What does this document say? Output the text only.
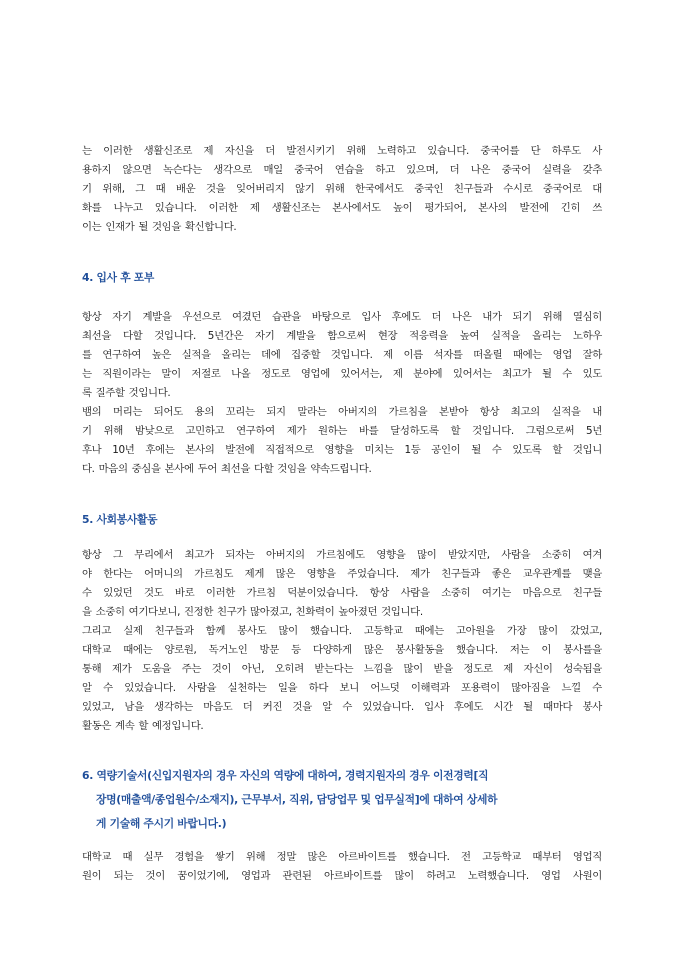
는 이러한 생활신조로 제 자신을 더 발전시키기 위해 노력하고 있습니다. 중국어를 단 하루도 사
용하지 않으면 녹슨다는 생각으로 매일 중국어 연습을 하고 있으며, 더 나은 중국어 실력을 갖추
기 위해, 그 때 배운 것을 잊어버리지 않기 위해 한국에서도 중국인 친구들과 수시로 중국어로 대
화를 나누고 있습니다. 이러한 제 생활신조는 본사에서도 높이 평가되어, 본사의 발전에 긴히 쓰
이는 인재가 될 것임을 확신합니다.
4. 입사 후 포부
항상 자기 계발을 우선으로 여겼던 습관을 바탕으로 입사 후에도 더 나은 내가 되기 위해 열심히
최선을 다할 것입니다. 5년간은 자기 계발을 함으로써 현장 적응력을 높여 실적을 올리는 노하우
를 연구하여 높은 실적을 올리는 데에 집중할 것입니다. 제 이름 석자를 떠올릴 때에는 영업 잘하
는 직원이라는 말이 저절로 나올 정도로 영업에 있어서는, 제 분야에 있어서는 최고가 될 수 있도
록 질주할 것입니다.
뱀의 머리는 되어도 용의 꼬리는 되지 말라는 아버지의 가르침을 본받아 항상 최고의 실적을 내
기 위해 밤낮으로 고민하고 연구하여 제가 원하는 바를 달성하도록 할 것입니다. 그럼으로써 5년
후나 10년 후에는 본사의 발전에 직접적으로 영향을 미치는 1등 공인이 될 수 있도록 할 것입니
다. 마음의 중심을 본사에 두어 최선을 다할 것임을 약속드립니다.
5. 사회봉사활동
항상 그 무리에서 최고가 되자는 아버지의 가르침에도 영향을 많이 받았지만, 사람을 소중히 여겨
야 한다는 어머니의 가르침도 제게 많은 영향을 주었습니다. 제가 친구들과 좋은 교우관계를 맺을
수 있었던 것도 바로 이러한 가르침 덕분이었습니다. 항상 사람을 소중히 여기는 마음으로 친구들
을 소중히 여기다보니, 진정한 친구가 많아졌고, 친화력이 높아졌던 것입니다.
그리고 실제 친구들과 함께 봉사도 많이 했습니다. 고등학교 때에는 고아원을 가장 많이 갔었고,
대학교 때에는 양로원, 독거노인 방문 등 다양하게 많은 봉사활동을 했습니다. 저는 이 봉사를을
통해 제가 도움을 주는 것이 아닌, 오히려 받는다는 느낌을 많이 받을 정도로 제 자신이 성숙됨을
알 수 있었습니다. 사람을 실천하는 일을 하다 보니 어느덧 이해력과 포용력이 많아짐을 느낄 수
있었고, 남을 생각하는 마음도 더 커진 것을 알 수 있었습니다. 입사 후에도 시간 될 때마다 봉사
활동은 계속 할 예정입니다.
6. 역량기술서(신입지원자의 경우 자신의 역량에 대하여, 경력지원자의 경우 이전경력[직
장명(매출액/종업원수/소재지), 근무부서, 직위, 담당업무 및 업무실적]에 대하여 상세하
게 기술해 주시기 바랍니다.)
대학교 때 실무 경험을 쌓기 위해 정말 많은 아르바이트를 했습니다. 전 고등학교 때부터 영업직
원이 되는 것이 꿈이었기에, 영업과 관련된 아르바이트를 많이 하려고 노력했습니다. 영업 사원이
